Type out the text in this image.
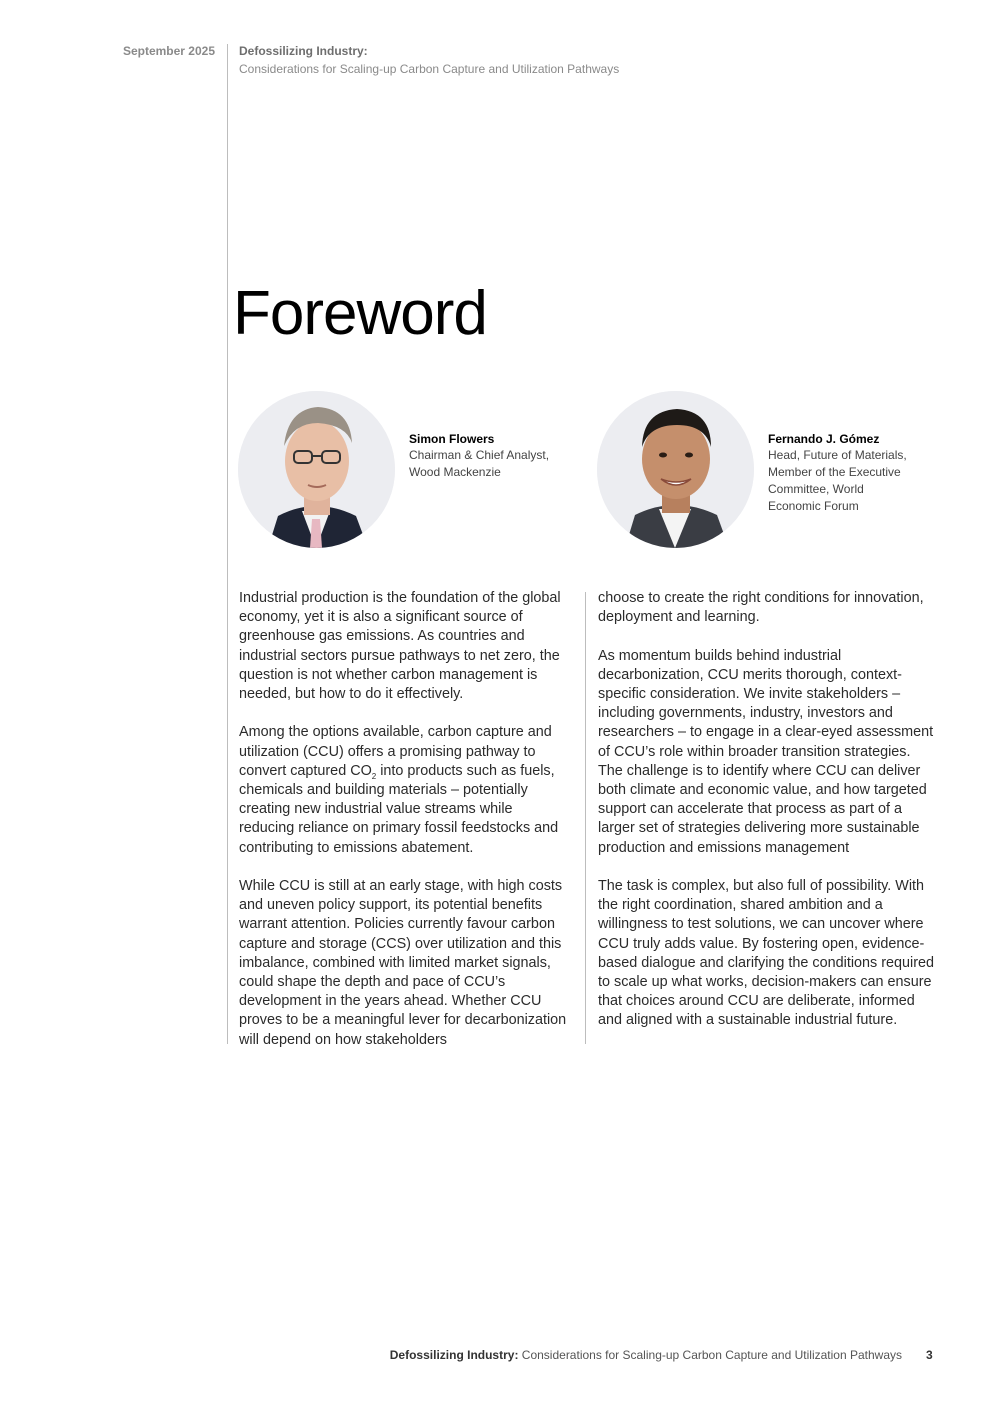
September 2025 Defossilizing Industry:
Considerations for Scaling-up Carbon Capture and Utilization Pathways
Foreword
Simon Flowers
Chairman & Chief Analyst,
Wood Mackenzie
Fernando J. Gómez
Head, Future of Materials,
Member of the Executive
Committee, World
Economic Forum

Industrial production is the foundation of the global economy, yet it is also a significant source of greenhouse gas emissions. As countries and industrial sectors pursue pathways to net zero, the question is not whether carbon management is needed, but how to do it effectively.

Among the options available, carbon capture and utilization (CCU) offers a promising pathway to convert captured $CO_2$ into products such as fuels, chemicals and building materials – potentially creating new industrial value streams while reducing reliance on primary fossil feedstocks and contributing to emissions abatement.

While CCU is still at an early stage, with high costs and uneven policy support, its potential benefits warrant attention. Policies currently favour carbon capture and storage (CCS) over utilization and this imbalance, combined with limited market signals, could shape the depth and pace of CCU’s development in the years ahead. Whether CCU proves to be a meaningful lever for decarbonization will depend on how stakeholders

choose to create the right conditions for innovation, deployment and learning.

As momentum builds behind industrial decarbonization, CCU merits thorough, context-specific consideration. We invite stakeholders – including governments, industry, investors and researchers – to engage in a clear-eyed assessment of CCU’s role within broader transition strategies. The challenge is to identify where CCU can deliver both climate and economic value, and how targeted support can accelerate that process as part of a larger set of strategies delivering more sustainable production and emissions management

The task is complex, but also full of possibility. With the right coordination, shared ambition and a willingness to test solutions, we can uncover where CCU truly adds value. By fostering open, evidence-based dialogue and clarifying the conditions required to scale up what works, decision-makers can ensure that choices around CCU are deliberate, informed and aligned with a sustainable industrial future.

Defossilizing Industry: Considerations for Scaling-up Carbon Capture and Utilization Pathways 3
